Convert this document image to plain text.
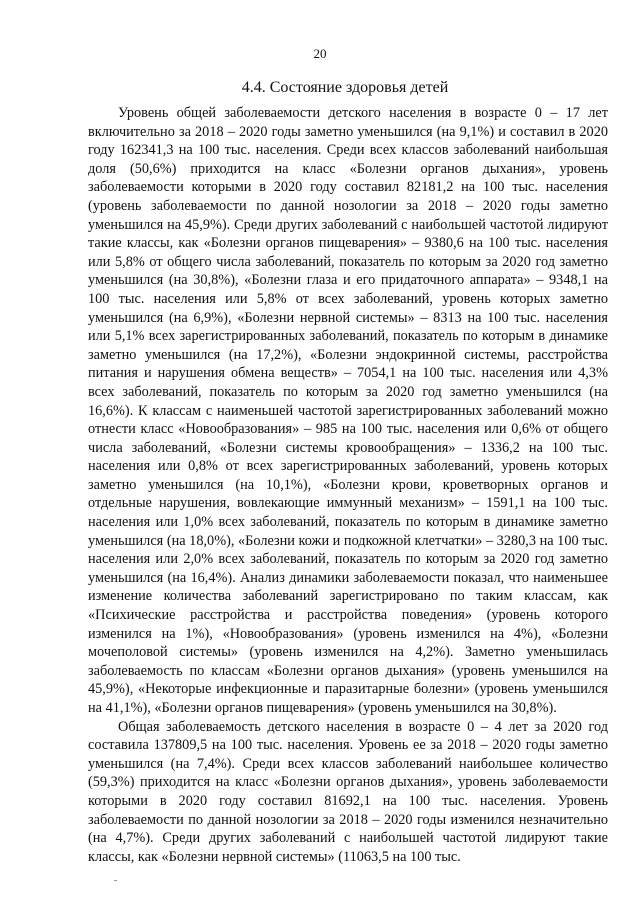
20
4.4. Состояние здоровья детей

Уровень общей заболеваемости детского населения в возрасте 0 – 17 лет включительно за 2018 – 2020 годы заметно уменьшился (на 9,1%) и составил в 2020 году 162341,3 на 100 тыс. населения. Среди всех классов заболеваний наибольшая доля (50,6%) приходится на класс «Болезни органов дыхания», уровень заболеваемости которыми в 2020 году составил 82181,2 на 100 тыс. населения (уровень заболеваемости по данной нозологии за 2018 – 2020 годы заметно уменьшился на 45,9%). Среди других заболеваний с наибольшей частотой лидируют такие классы, как «Болезни органов пищеварения» – 9380,6 на 100 тыс. населения или 5,8% от общего числа заболеваний, показатель по которым за 2020 год заметно уменьшился (на 30,8%), «Болезни глаза и его придаточного аппарата» – 9348,1 на 100 тыс. населения или 5,8% от всех заболеваний, уровень которых заметно уменьшился (на 6,9%), «Болезни нервной системы» – 8313 на 100 тыс. населения или 5,1% всех зарегистрированных заболеваний, показатель по которым в динамике заметно уменьшился (на 17,2%), «Болезни эндокринной системы, расстройства питания и нарушения обмена веществ» – 7054,1 на 100 тыс. населения или 4,3% всех заболеваний, показатель по которым за 2020 год заметно уменьшился (на 16,6%). К классам с наименьшей частотой зарегистрированных заболеваний можно отнести класс «Новообразования» – 985 на 100 тыс. населения или 0,6% от общего числа заболеваний, «Болезни системы кровообращения» – 1336,2 на 100 тыс. населения или 0,8% от всех зарегистрированных заболеваний, уровень которых заметно уменьшился (на 10,1%), «Болезни крови, кроветворных органов и отдельные нарушения, вовлекающие иммунный механизм» – 1591,1 на 100 тыс. населения или 1,0% всех заболеваний, показатель по которым в динамике заметно уменьшился (на 18,0%), «Болезни кожи и подкожной клетчатки» – 3280,3 на 100 тыс. населения или 2,0% всех заболеваний, показатель по которым за 2020 год заметно уменьшился (на 16,4%). Анализ динамики заболеваемости показал, что наименьшее изменение количества заболеваний зарегистрировано по таким классам, как «Психические расстройства и расстройства поведения» (уровень которого изменился на 1%), «Новообразования» (уровень изменился на 4%), «Болезни мочеполовой системы» (уровень изменился на 4,2%). Заметно уменьшилась заболеваемость по классам «Болезни органов дыхания» (уровень уменьшился на 45,9%), «Некоторые инфекционные и паразитарные болезни» (уровень уменьшился на 41,1%), «Болезни органов пищеварения» (уровень уменьшился на 30,8%).

Общая заболеваемость детского населения в возрасте 0 – 4 лет за 2020 год составила 137809,5 на 100 тыс. населения. Уровень ее за 2018 – 2020 годы заметно уменьшился (на 7,4%). Среди всех классов заболеваний наибольшее количество (59,3%) приходится на класс «Болезни органов дыхания», уровень заболеваемости которыми в 2020 году составил 81692,1 на 100 тыс. населения. Уровень заболеваемости по данной нозологии за 2018 – 2020 годы изменился незначительно (на 4,7%). Среди других заболеваний с наибольшей частотой лидируют такие классы, как «Болезни нервной системы» (11063,5 на 100 тыс.
